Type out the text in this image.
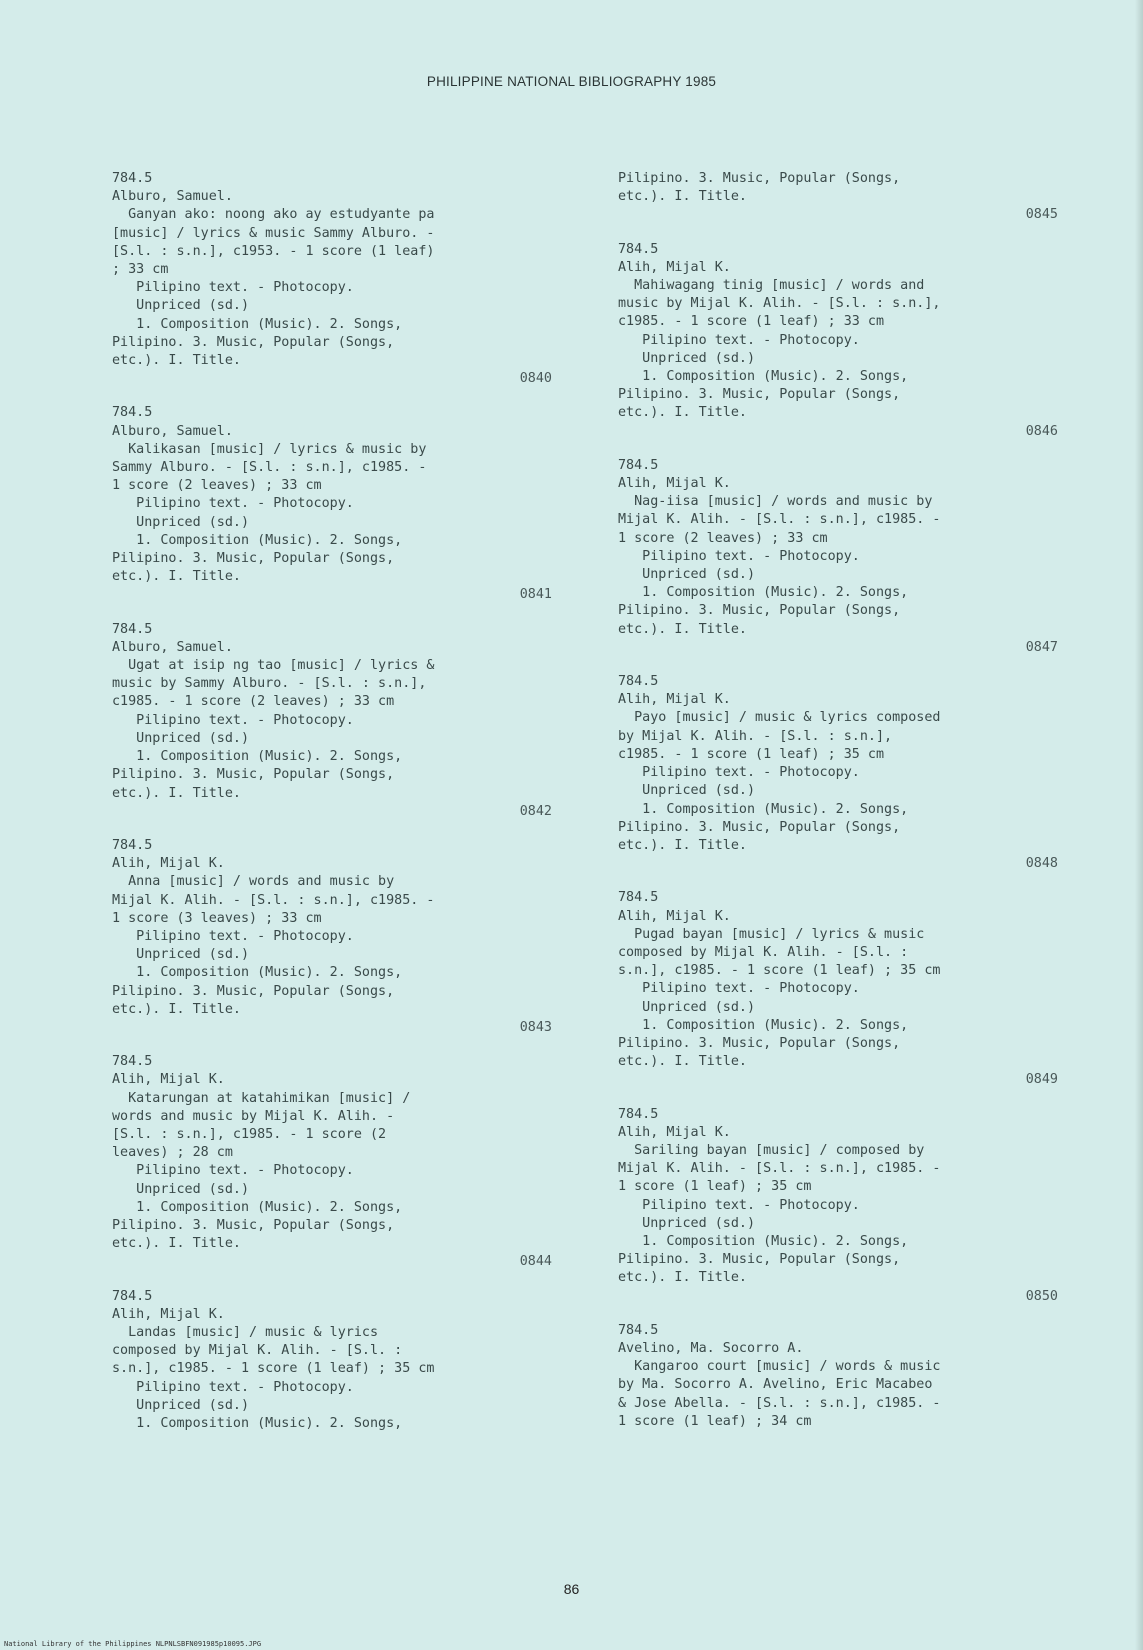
PHILIPPINE NATIONAL BIBLIOGRAPHY 1985
784.5
Alburo, Samuel.
Ganyan ako: noong ako ay estudyante pa
[music] / lyrics & music Sammy Alburo. -
[S.l. : s.n.], c1953. - 1 score (1 leaf)
; 33 cm
Pilipino text. - Photocopy.
Unpriced (sd.)
1. Composition (Music). 2. Songs,
Pilipino. 3. Music, Popular (Songs,
etc.). I. Title.
0840
784.5
Alburo, Samuel.
Kalikasan [music] / lyrics & music by
Sammy Alburo. - [S.l. : s.n.], c1985. -
1 score (2 leaves) ; 33 cm
Pilipino text. - Photocopy.
Unpriced (sd.)
1. Composition (Music). 2. Songs,
Pilipino. 3. Music, Popular (Songs,
etc.). I. Title.
0841
784.5
Alburo, Samuel.
Ugat at isip ng tao [music] / lyrics &
music by Sammy Alburo. - [S.l. : s.n.],
c1985. - 1 score (2 leaves) ; 33 cm
Pilipino text. - Photocopy.
Unpriced (sd.)
1. Composition (Music). 2. Songs,
Pilipino. 3. Music, Popular (Songs,
etc.). I. Title.
0842
784.5
Alih, Mijal K.
Anna [music] / words and music by
Mijal K. Alih. - [S.l. : s.n.], c1985. -
1 score (3 leaves) ; 33 cm
Pilipino text. - Photocopy.
Unpriced (sd.)
1. Composition (Music). 2. Songs,
Pilipino. 3. Music, Popular (Songs,
etc.). I. Title.
0843
784.5
Alih, Mijal K.
Katarungan at katahimikan [music] /
words and music by Mijal K. Alih. -
[S.l. : s.n.], c1985. - 1 score (2
leaves) ; 28 cm
Pilipino text. - Photocopy.
Unpriced (sd.)
1. Composition (Music). 2. Songs,
Pilipino. 3. Music, Popular (Songs,
etc.). I. Title.
0844
784.5
Alih, Mijal K.
Landas [music] / music & lyrics
composed by Mijal K. Alih. - [S.l. :
s.n.], c1985. - 1 score (1 leaf) ; 35 cm
Pilipino text. - Photocopy.
Unpriced (sd.)
1. Composition (Music). 2. Songs,
Pilipino. 3. Music, Popular (Songs,
etc.). I. Title.
0845
784.5
Alih, Mijal K.
Mahiwagang tinig [music] / words and
music by Mijal K. Alih. - [S.l. : s.n.],
c1985. - 1 score (1 leaf) ; 33 cm
Pilipino text. - Photocopy.
Unpriced (sd.)
1. Composition (Music). 2. Songs,
Pilipino. 3. Music, Popular (Songs,
etc.). I. Title.
0846
784.5
Alih, Mijal K.
Nag-iisa [music] / words and music by
Mijal K. Alih. - [S.l. : s.n.], c1985. -
1 score (2 leaves) ; 33 cm
Pilipino text. - Photocopy.
Unpriced (sd.)
1. Composition (Music). 2. Songs,
Pilipino. 3. Music, Popular (Songs,
etc.). I. Title.
0847
784.5
Alih, Mijal K.
Payo [music] / music & lyrics composed
by Mijal K. Alih. - [S.l. : s.n.],
c1985. - 1 score (1 leaf) ; 35 cm
Pilipino text. - Photocopy.
Unpriced (sd.)
1. Composition (Music). 2. Songs,
Pilipino. 3. Music, Popular (Songs,
etc.). I. Title.
0848
784.5
Alih, Mijal K.
Pugad bayan [music] / lyrics & music
composed by Mijal K. Alih. - [S.l. :
s.n.], c1985. - 1 score (1 leaf) ; 35 cm
Pilipino text. - Photocopy.
Unpriced (sd.)
1. Composition (Music). 2. Songs,
Pilipino. 3. Music, Popular (Songs,
etc.). I. Title.
0849
784.5
Alih, Mijal K.
Sariling bayan [music] / composed by
Mijal K. Alih. - [S.l. : s.n.], c1985. -
1 score (1 leaf) ; 35 cm
Pilipino text. - Photocopy.
Unpriced (sd.)
1. Composition (Music). 2. Songs,
Pilipino. 3. Music, Popular (Songs,
etc.). I. Title.
0850
784.5
Avelino, Ma. Socorro A.
Kangaroo court [music] / words & music
by Ma. Socorro A. Avelino, Eric Macabeo
& Jose Abella. - [S.l. : s.n.], c1985. -
1 score (1 leaf) ; 34 cm
86
National Library of the Philippines NLPNLSBFN091985p10095.JPG
